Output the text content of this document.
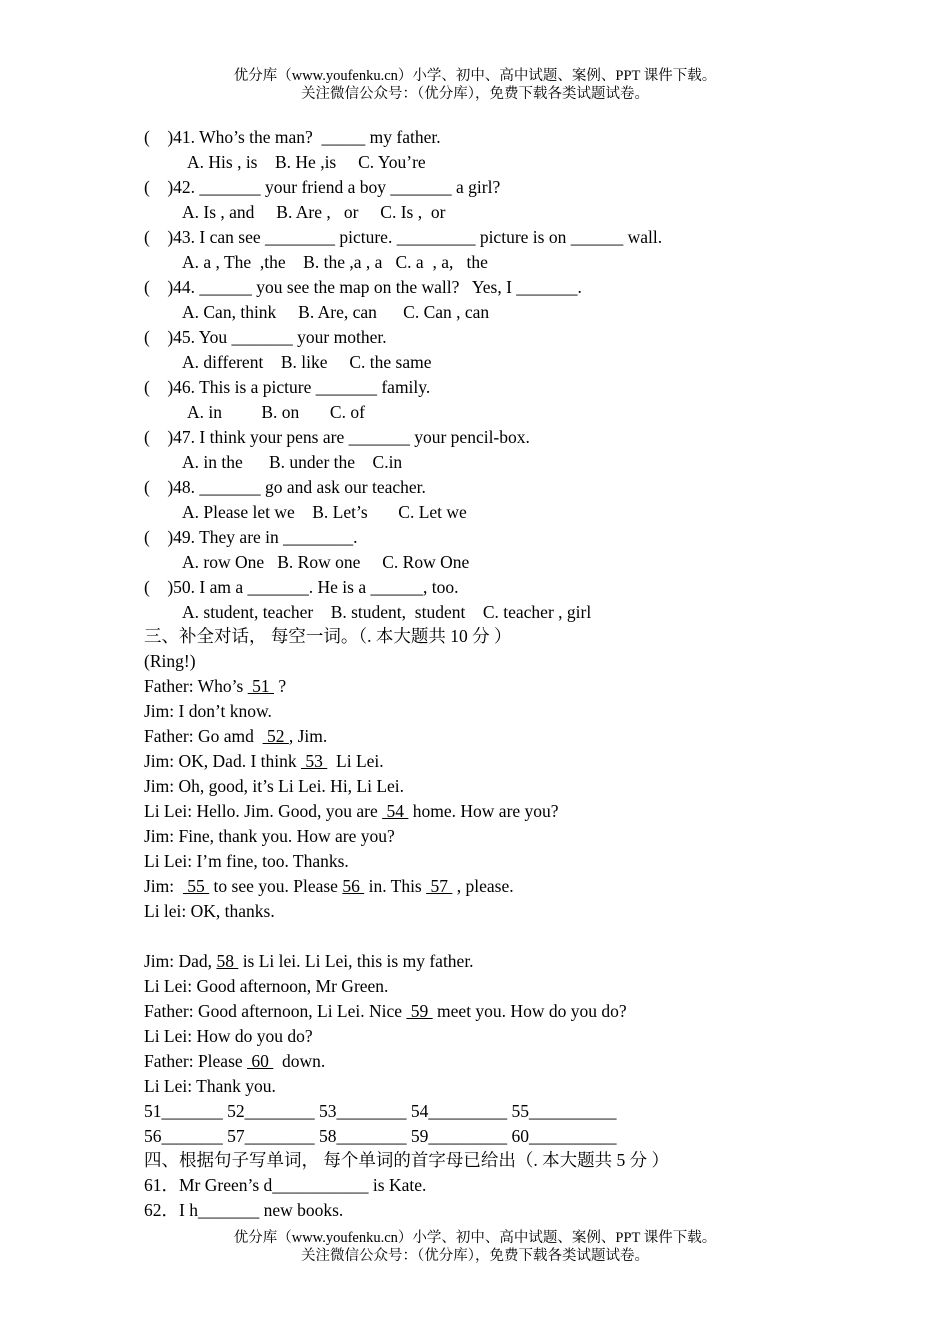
优分库（www.youfenku.cn）小学、初中、高中试题、案例、PPT 课件下载。
关注微信公众号：（优分库），免费下载各类试题试卷。
(    )41. Who’s the man?  _____ my father.
A. His , is    B. He ,is     C. You’re
(    )42. _______ your friend a boy _______ a girl?
A. Is , and     B. Are ,   or     C. Is ,  or
(    )43. I can see ________ picture. _________ picture is on ______ wall.
A. a , The  ,the    B. the ,a , a   C. a  , a,   the
(    )44. ______ you see the map on the wall?   Yes, I _______.
A. Can, think     B. Are, can      C. Can , can
(    )45. You _______ your mother.
A. different    B. like     C. the same
(    )46. This is a picture _______ family.
A. in         B. on       C. of
(    )47. I think your pens are _______ your pencil-box.
A. in the      B. under the    C.in
(    )48. _______ go and ask our teacher.
A. Please let we    B. Let’s       C. Let we
(    )49. They are in ________.
A. row One   B. Row one     C. Row One
(    )50. I am a _______. He is a ______, too.
A. student, teacher    B. student,  student    C. teacher , girl
三、补全对话， 每空一词。（. 本大题共 10 分 ）
(Ring!)
Father: Who’s  51  ?
Jim: I don’t know.
Father: Go amd   52 , Jim.
Jim: OK, Dad. I think  53   Li Lei.
Jim: Oh, good, it’s Li Lei. Hi, Li Lei.
Li Lei: Hello. Jim. Good, you are  54  home. How are you?
Jim: Fine, thank you. How are you?
Li Lei: I’m fine, too. Thanks.
Jim:   55  to see you. Please 56  in. This  57  , please.
Li lei: OK, thanks.
Jim: Dad, 58  is Li lei. Li Lei, this is my father.
Li Lei: Good afternoon, Mr Green.
Father: Good afternoon, Li Lei. Nice  59  meet you. How do you do?
Li Lei: How do you do?
Father: Please  60   down.
Li Lei: Thank you.
51_______ 52________ 53________ 54_________ 55__________
56_______ 57________ 58________ 59_________ 60__________
四、根据句子写单词， 每个单词的首字母已给出（. 本大题共 5 分 ）
61．Mr Green’s d___________ is Kate.
62．I h_______ new books.
优分库（www.youfenku.cn）小学、初中、高中试题、案例、PPT 课件下载。
关注微信公众号：（优分库），免费下载各类试题试卷。
